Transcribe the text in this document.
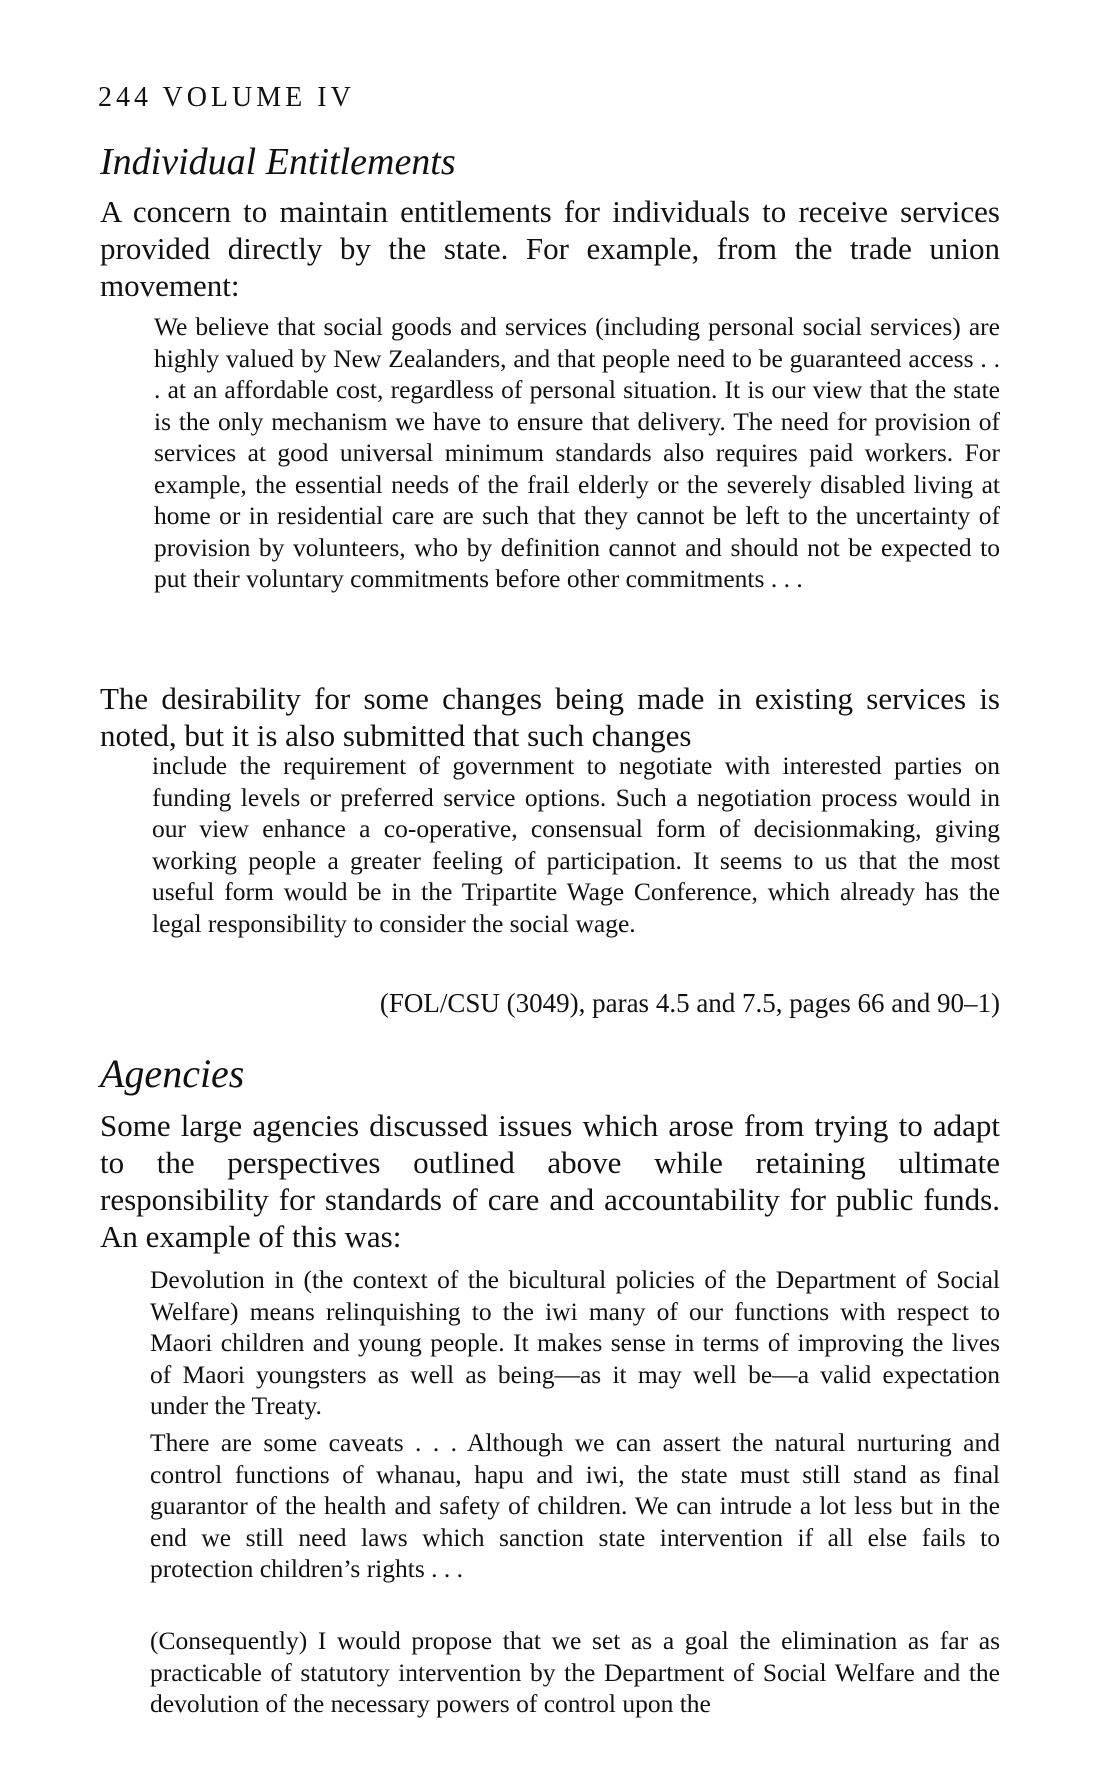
244 VOLUME IV
Individual Entitlements
A concern to maintain entitlements for individuals to receive services provided directly by the state. For example, from the trade union movement:
We believe that social goods and services (including personal social services) are highly valued by New Zealanders, and that people need to be guaranteed access . . . at an affordable cost, regardless of personal situation. It is our view that the state is the only mechanism we have to ensure that delivery. The need for provision of services at good universal minimum standards also requires paid workers. For example, the essential needs of the frail elderly or the severely disabled living at home or in residential care are such that they cannot be left to the uncertainty of provision by volunteers, who by definition cannot and should not be expected to put their voluntary commitments before other commitments . . .
The desirability for some changes being made in existing services is noted, but it is also submitted that such changes
include the requirement of government to negotiate with interested parties on funding levels or preferred service options. Such a negotiation process would in our view enhance a co-operative, consensual form of decisionmaking, giving working people a greater feeling of participation. It seems to us that the most useful form would be in the Tripartite Wage Conference, which already has the legal responsibility to consider the social wage.
(FOL/CSU (3049), paras 4.5 and 7.5, pages 66 and 90–1)
Agencies
Some large agencies discussed issues which arose from trying to adapt to the perspectives outlined above while retaining ultimate responsibility for standards of care and accountability for public funds. An example of this was:
Devolution in (the context of the bicultural policies of the Department of Social Welfare) means relinquishing to the iwi many of our functions with respect to Maori children and young people. It makes sense in terms of improving the lives of Maori youngsters as well as being—as it may well be—a valid expectation under the Treaty.
There are some caveats . . . Although we can assert the natural nurturing and control functions of whanau, hapu and iwi, the state must still stand as final guarantor of the health and safety of children. We can intrude a lot less but in the end we still need laws which sanction state intervention if all else fails to protection children’s rights . . .
(Consequently) I would propose that we set as a goal the elimination as far as practicable of statutory intervention by the Department of Social Welfare and the devolution of the necessary powers of control upon the
